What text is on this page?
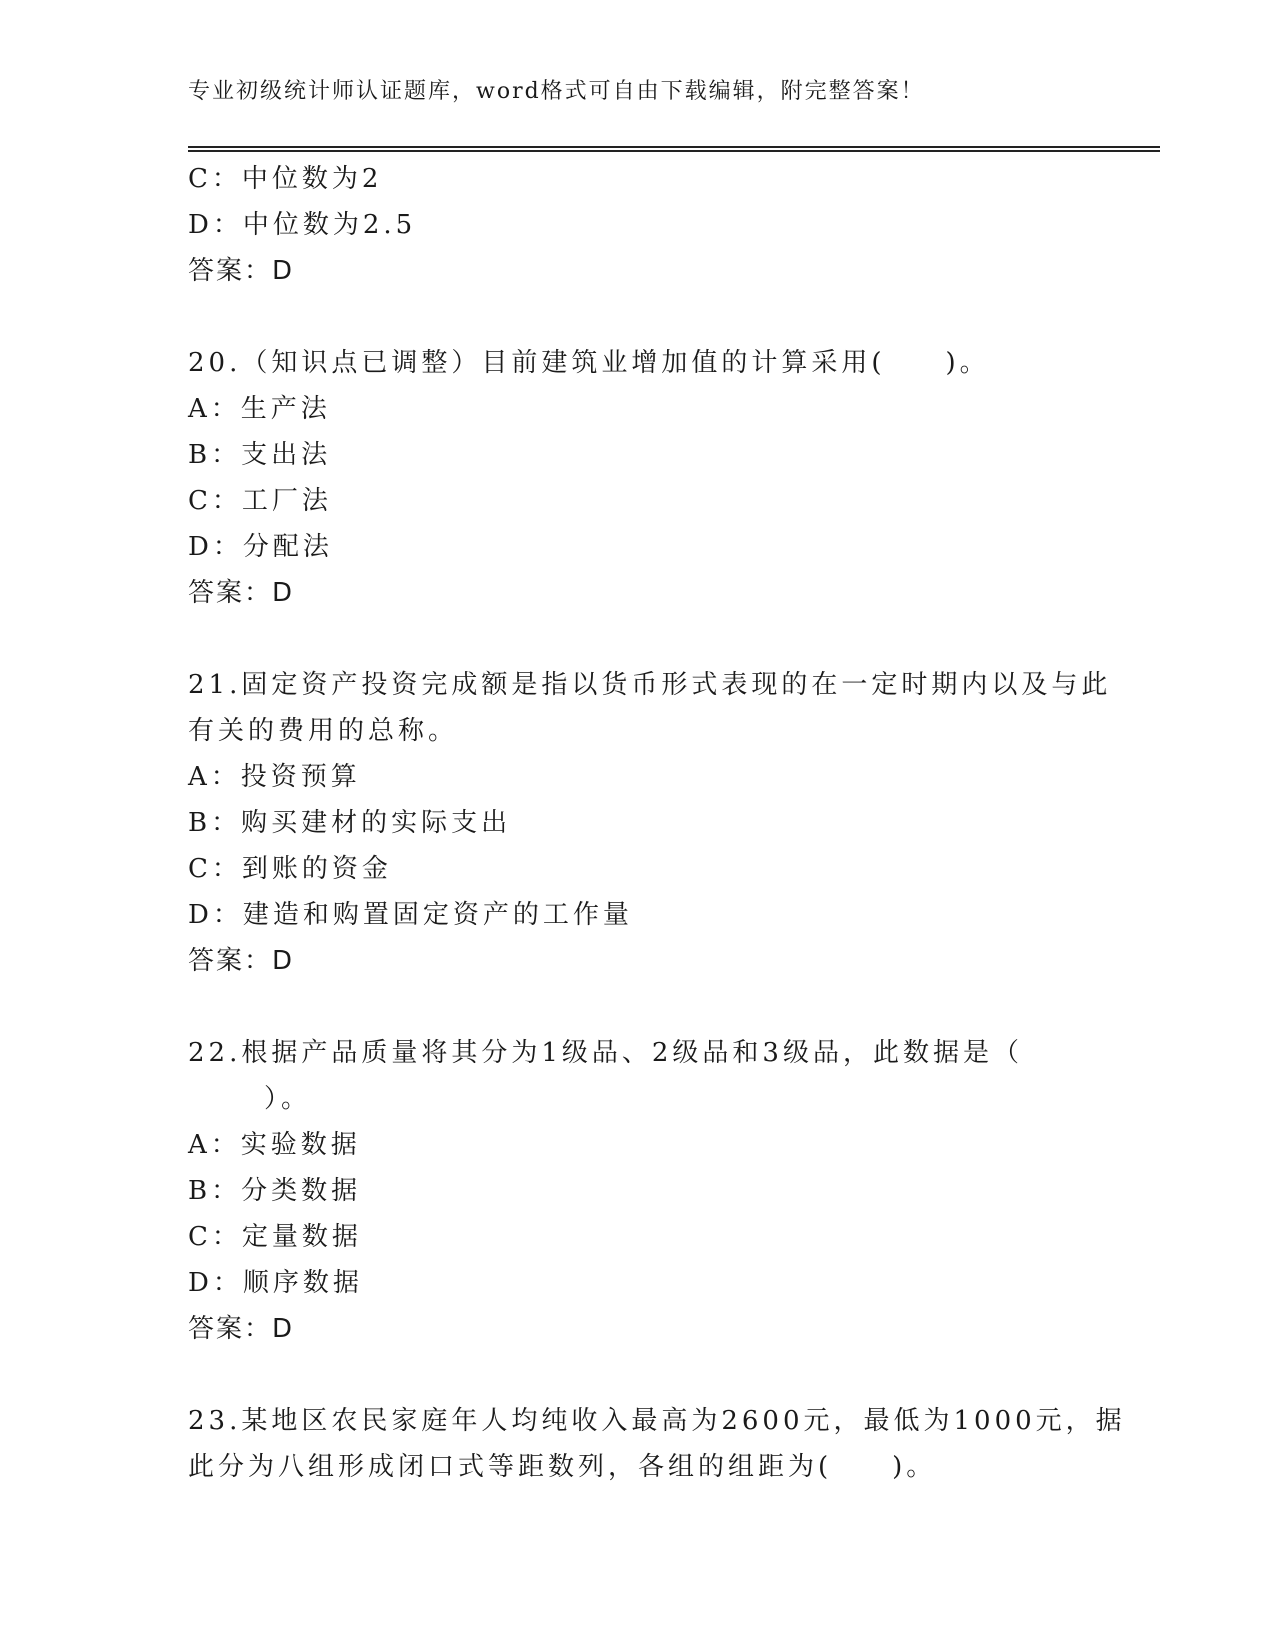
专业初级统计师认证题库，word格式可自由下载编辑，附完整答案！
C：中位数为2
D：中位数为2.5
答案：D
20.（知识点已调整）目前建筑业增加值的计算采用(　　)。
A：生产法
B：支出法
C：工厂法
D：分配法
答案：D
21.固定资产投资完成额是指以货币形式表现的在一定时期内以及与此
有关的费用的总称。
A：投资预算
B：购买建材的实际支出
C：到账的资金
D：建造和购置固定资产的工作量
答案：D
22.根据产品质量将其分为1级品、2级品和3级品，此数据是（
）。
A：实验数据
B：分类数据
C：定量数据
D：顺序数据
答案：D
23.某地区农民家庭年人均纯收入最高为2600元，最低为1000元，据
此分为八组形成闭口式等距数列，各组的组距为(　　)。
